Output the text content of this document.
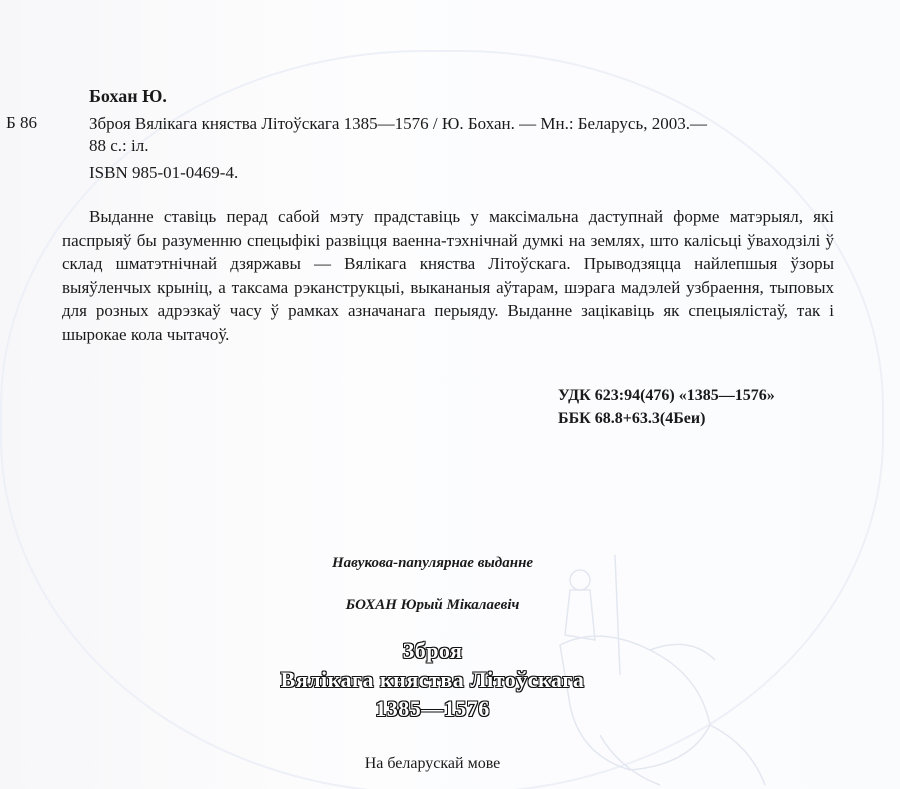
Бохан Ю.
Б 86	Зброя Вялікага княства Літоўскага 1385—1576 / Ю. Бохан. — Мн.: Беларусь, 2003.—
88 с.: іл.
ISBN 985-01-0469-4.

Выданне ставіць перад сабой мэту прадставіць у максімальна даступнай форме матэрыял, які паспрыяў бы разуменню спецыфікі развіцця ваенна-тэхнічнай думкі на землях, што калісьці ўваходзілі ў склад шматэтнічнай дзяржавы — Вялікага княства Літоўскага. Прыводзяцца найлепшыя ўзоры выяўленчых крыніц, а таксама рэканструкцыі, выкананыя аўтарам, шэрага мадэлей узбраення, тыповых для розных адрэзкаў часу ў рамках азначанага перыяду. Выданне зацікавіць як спецыялістаў, так і шырокае кола чытачоў.

УДК 623:94(476) «1385—1576»
ББК 68.8+63.3(4Беи)
Навукова-папулярнае выданне
БОХАН Юрый Мікалаевіч
Зброя
Вялікага княства Літоўскага
1385—1576
На беларускай мове
